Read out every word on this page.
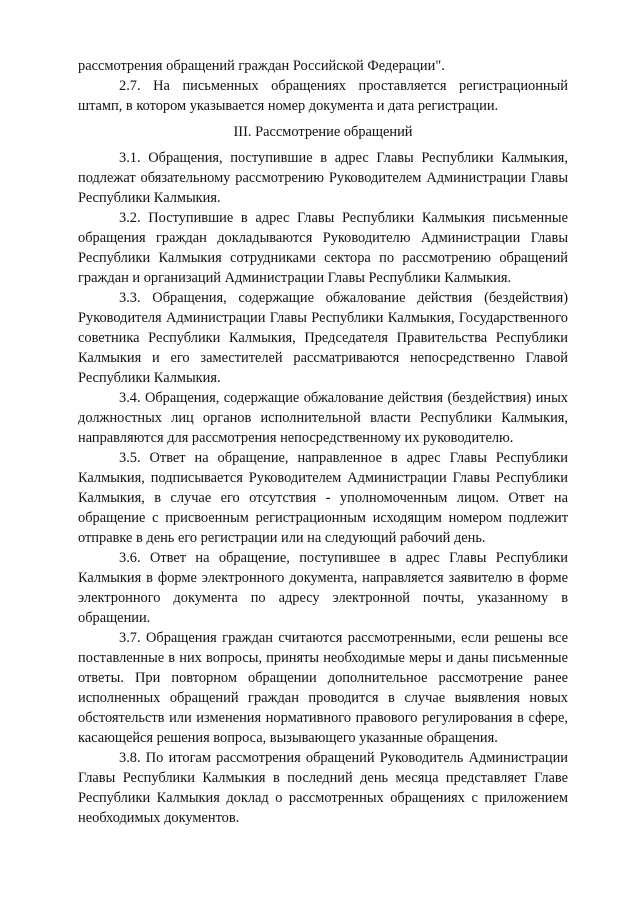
рассмотрения обращений граждан Российской Федерации".

2.7. На письменных обращениях проставляется регистрационный штамп, в котором указывается номер документа и дата регистрации.

III. Рассмотрение обращений

3.1. Обращения, поступившие в адрес Главы Республики Калмыкия, подлежат обязательному рассмотрению Руководителем Администрации Главы Республики Калмыкия.

3.2. Поступившие в адрес Главы Республики Калмыкия письменные обращения граждан докладываются Руководителю Администрации Главы Республики Калмыкия сотрудниками сектора по рассмотрению обращений граждан и организаций Администрации Главы Республики Калмыкия.

3.3. Обращения, содержащие обжалование действия (бездействия) Руководителя Администрации Главы Республики Калмыкия, Государственного советника Республики Калмыкия, Председателя Правительства Республики Калмыкия и его заместителей рассматриваются непосредственно Главой Республики Калмыкия.

3.4. Обращения, содержащие обжалование действия (бездействия) иных должностных лиц органов исполнительной власти Республики Калмыкия, направляются для рассмотрения непосредственному их руководителю.

3.5. Ответ на обращение, направленное в адрес Главы Республики Калмыкия, подписывается Руководителем Администрации Главы Республики Калмыкия, в случае его отсутствия - уполномоченным лицом. Ответ на обращение с присвоенным регистрационным исходящим номером подлежит отправке в день его регистрации или на следующий рабочий день.

3.6. Ответ на обращение, поступившее в адрес Главы Республики Калмыкия в форме электронного документа, направляется заявителю в форме электронного документа по адресу электронной почты, указанному в обращении.

3.7. Обращения граждан считаются рассмотренными, если решены все поставленные в них вопросы, приняты необходимые меры и даны письменные ответы. При повторном обращении дополнительное рассмотрение ранее исполненных обращений граждан проводится в случае выявления новых обстоятельств или изменения нормативного правового регулирования в сфере, касающейся решения вопроса, вызывающего указанные обращения.

3.8. По итогам рассмотрения обращений Руководитель Администрации Главы Республики Калмыкия в последний день месяца представляет Главе Республики Калмыкия доклад о рассмотренных обращениях с приложением необходимых документов.
